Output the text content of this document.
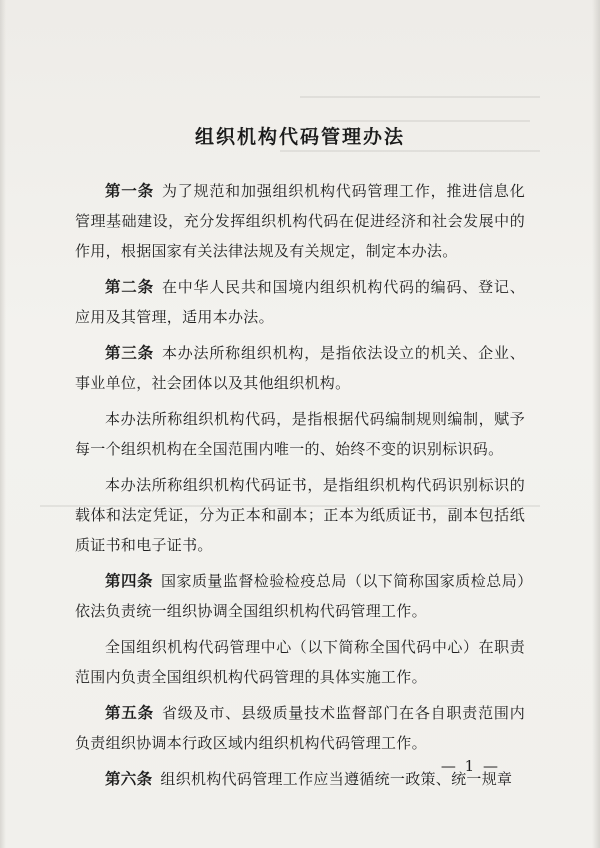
组织机构代码管理办法

第一条 为了规范和加强组织机构代码管理工作，推进信息化管理基础建设，充分发挥组织机构代码在促进经济和社会发展中的作用，根据国家有关法律法规及有关规定，制定本办法。

第二条 在中华人民共和国境内组织机构代码的编码、登记、应用及其管理，适用本办法。

第三条 本办法所称组织机构，是指依法设立的机关、企业、事业单位，社会团体以及其他组织机构。

本办法所称组织机构代码，是指根据代码编制规则编制，赋予每一个组织机构在全国范围内唯一的、始终不变的识别标识码。

本办法所称组织机构代码证书，是指组织机构代码识别标识的载体和法定凭证，分为正本和副本；正本为纸质证书，副本包括纸质证书和电子证书。

第四条 国家质量监督检验检疫总局（以下简称国家质检总局）依法负责统一组织协调全国组织机构代码管理工作。

全国组织机构代码管理中心（以下简称全国代码中心）在职责范围内负责全国组织机构代码管理的具体实施工作。

第五条 省级及市、县级质量技术监督部门在各自职责范围内负责组织协调本行政区域内组织机构代码管理工作。

第六条 组织机构代码管理工作应当遵循统一政策、统一规章

— 1 —
